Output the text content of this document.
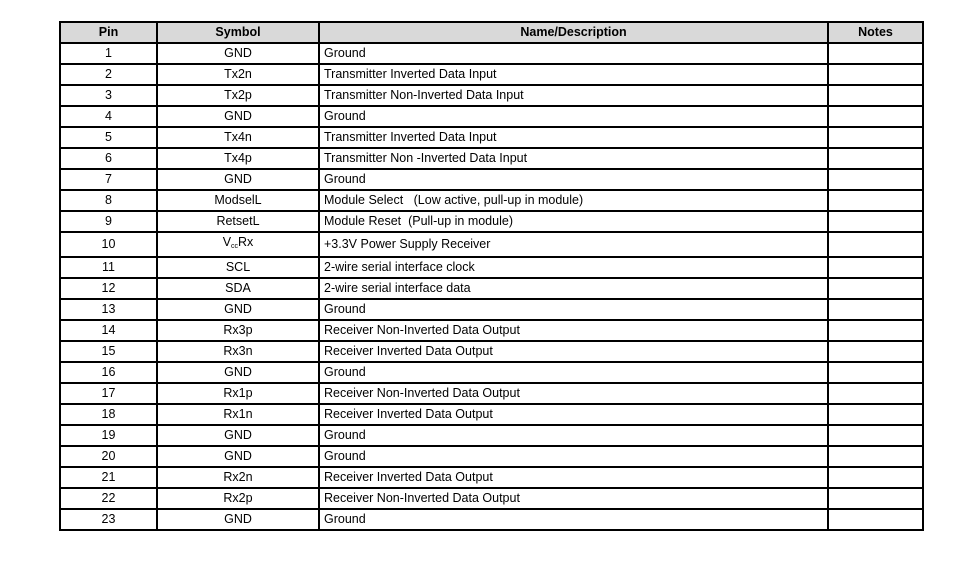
Pin	Symbol	Name/Description	Notes
1	GND	Ground	
2	Tx2n	Transmitter Inverted Data Input	
3	Tx2p	Transmitter Non-Inverted Data Input	
4	GND	Ground	
5	Tx4n	Transmitter Inverted Data Input	
6	Tx4p	Transmitter Non -Inverted Data Input	
7	GND	Ground	
8	ModselL	Module Select   (Low active, pull-up in module)	
9	RetsetL	Module Reset  (Pull-up in module)	
10	$V_{cc}Rx$	+3.3V Power Supply Receiver	
11	SCL	2-wire serial interface clock	
12	SDA	2-wire serial interface data	
13	GND	Ground	
14	Rx3p	Receiver Non-Inverted Data Output	
15	Rx3n	Receiver Inverted Data Output	
16	GND	Ground	
17	Rx1p	Receiver Non-Inverted Data Output	
18	Rx1n	Receiver Inverted Data Output	
19	GND	Ground	
20	GND	Ground	
21	Rx2n	Receiver Inverted Data Output	
22	Rx2p	Receiver Non-Inverted Data Output	
23	GND	Ground	
